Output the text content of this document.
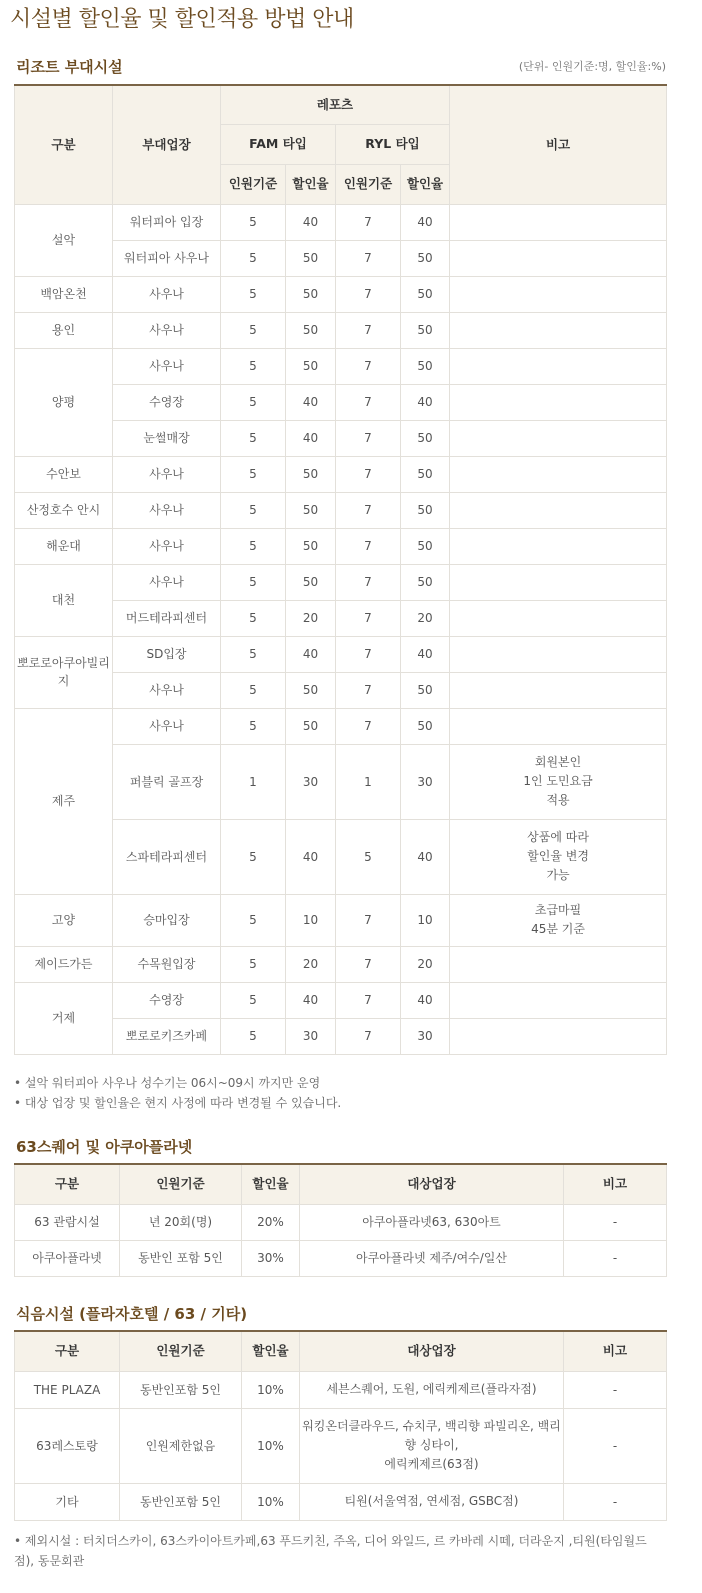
시설별 할인율 및 할인적용 방법 안내
리조트 부대시설	(단위- 인원기준:명, 할인율:%)
구분	부대업장	레포츠				비고
		FAM 타입		RYL 타입		
		인원기준	할인율	인원기준	할인율	
설악	워터피아 입장	5	40	7	40	
	워터피아 사우나	5	50	7	50	
백암온천	사우나	5	50	7	50	
용인	사우나	5	50	7	50	
양평	사우나	5	50	7	50	
	수영장	5	40	7	40	
	눈썰매장	5	40	7	50	
수안보	사우나	5	50	7	50	
산정호수 안시	사우나	5	50	7	50	
해운대	사우나	5	50	7	50	
대천	사우나	5	50	7	50	
	머드테라피센터	5	20	7	20	
뽀로로아쿠아빌리지	SD입장	5	40	7	40	
	사우나	5	50	7	50	
제주	사우나	5	50	7	50	
	퍼블릭 골프장	1	30	1	30	회원본인
1인 도민요금
적용
	스파테라피센터	5	40	5	40	상품에 따라
할인율 변경
가능
고양	승마입장	5	10	7	10	초급마필
45분 기준
제이드가든	수목원입장	5	20	7	20	
거제	수영장	5	40	7	40	
	뽀로로키즈카페	5	30	7	30	
• 설악 워터피아 사우나 성수기는 06시~09시 까지만 운영
• 대상 업장 및 할인율은 현지 사정에 따라 변경될 수 있습니다.
63스퀘어 및 아쿠아플라넷
구분	인원기준	할인율	대상업장	비고
63 관람시설	년 20회(명)	20%	아쿠아플라넷63, 630아트	-
아쿠아플라넷	동반인 포함 5인	30%	아쿠아플라넷 제주/여수/일산	-
식음시설 (플라자호텔 / 63 / 기타)
구분	인원기준	할인율	대상업장	비고
THE PLAZA	동반인포함 5인	10%	세븐스퀘어, 도원, 에릭케제르(플라자점)	-
63레스토랑	인원제한없음	10%	워킹온더클라우드, 슈치쿠, 백리향 파빌리온, 백리향 싱타이,
에릭케제르(63점)	-
기타	동반인포함 5인	10%	티원(서울역점, 연세점, GSBC점)	-
• 제외시설 : 터치더스카이, 63스카이아트카페,63 푸드키친, 주옥, 디어 와일드, 르 카바레 시떼, 더라운지 ,티원(타임월드점), 동문회관
